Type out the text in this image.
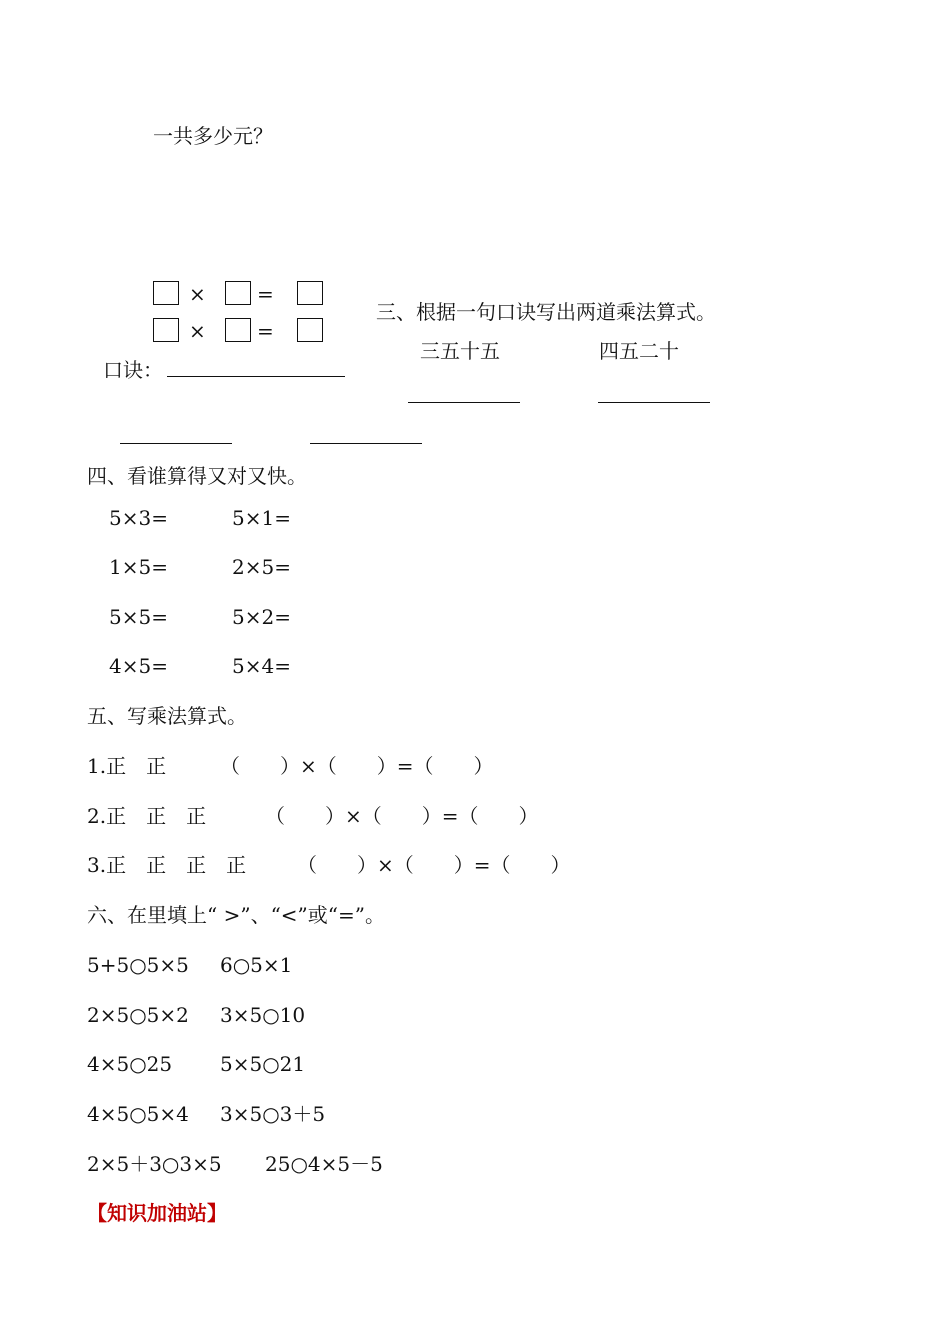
一共多少元？
×	=
×	=
口诀：
三、根据一句口诀写出两道乘法算式。
三五十五	四五二十
四、看谁算得又对又快。
5×3=	5×1=
1×5=	2×5=
5×5=	5×2=
4×5=	5×4=
五、写乘法算式。
1.正　正	（　　）×（　　）=（　　）
2.正　正　正	（　　）×（　　）=（　　）
3.正　正　正　正	（　　）×（　　）=（　　）
六、在里填上“ >”、“<”或“=”。
5+5○5×5 6○5×1
2×5○5×2 3×5○10
4×5○25 5×5○21
4×5○5×4 3×5○3＋5
2×5＋3○3×5 25○4×5－5
【知识加油站】
